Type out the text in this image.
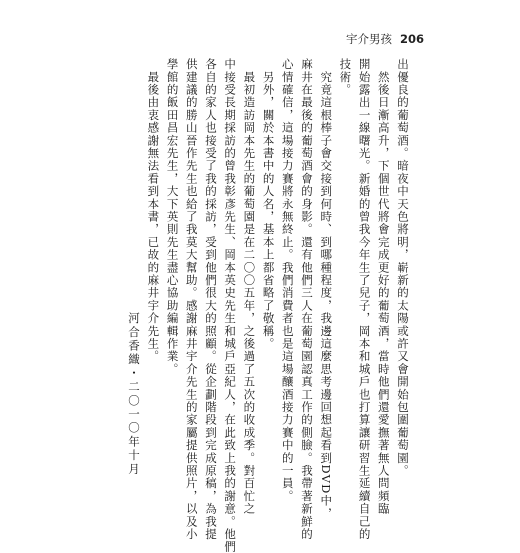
宇介男孩 206
出優良的葡萄酒。暗夜中天色將明，嶄新的太陽或許又會開始包圍葡萄園。
　然後日漸高升，下個世代將會完成更好的葡萄酒，當時他們還愛撫著無人問頻臨
開始露出一線曙光。新婚的曾我今年生了兒子，岡本和城戶也打算讓研習生延續自己的
技術。
　究竟這根棒子會交接到何時、到哪種程度，我邊這麼思考邊回想起看到DVD中，
麻井在最後的葡萄酒會的身影。還有他們三人在葡萄園認真工作的側臉。我帶著新鮮的
心情確信，這場接力賽將永無終止。我們消費者也是這場釀酒接力賽中的一員。
　另外，關於本書中的人名，基本上都省略了敬稱。
　最初造訪岡本先生的葡萄園是在二〇〇五年，之後過了五次的收成季。對百忙之
中接受長期採訪的曾我彰彥先生、岡本英史先生和城戶亞紀人，在此致上我的謝意。他們
各自的家人也接受了我的採訪，受到他們很大的照顧。從企劃階段到完成原稿，為我提
供建議的勝山晉作先生也給了我莫大幫助。感謝麻井宇介先生的家屬提供照片，以及小
學館的飯田昌宏先生，大下英則先生盡心協助編輯作業。
　最後由衷感謝無法看到本書，已故的麻井宇介先生。
河合香織・二〇一〇年十月
